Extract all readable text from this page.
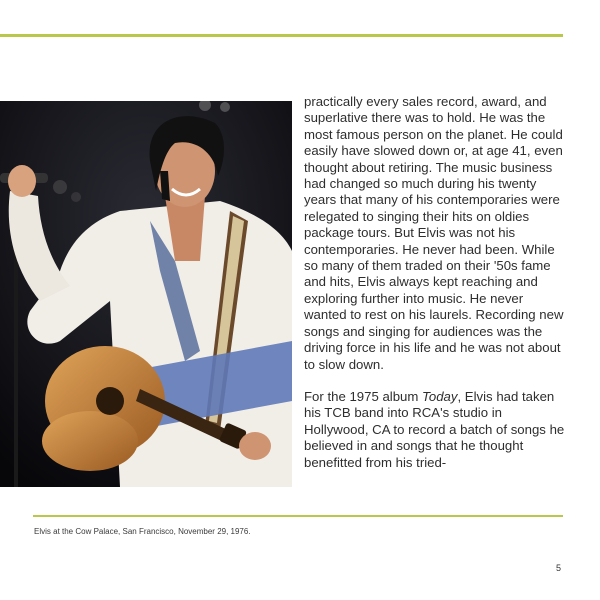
practically every sales record, award, and superlative there was to hold. He was the most famous person on the planet. He could easily have slowed down or, at age 41, even thought about retiring. The music business had changed so much during his twenty years that many of his contemporaries were relegated to singing their hits on oldies package tours. But Elvis was not his contemporaries. He never had been. While so many of them traded on their '50s fame and hits, Elvis always kept reaching and exploring further into music. He never wanted to rest on his laurels. Recording new songs and singing for audiences was the driving force in his life and he was not about to slow down.

For the 1975 album Today, Elvis had taken his TCB band into RCA's studio in Hollywood, CA to record a batch of songs he believed in and songs that he thought benefitted from his tried-

Elvis at the Cow Palace, San Francisco, November 29, 1976.
5
